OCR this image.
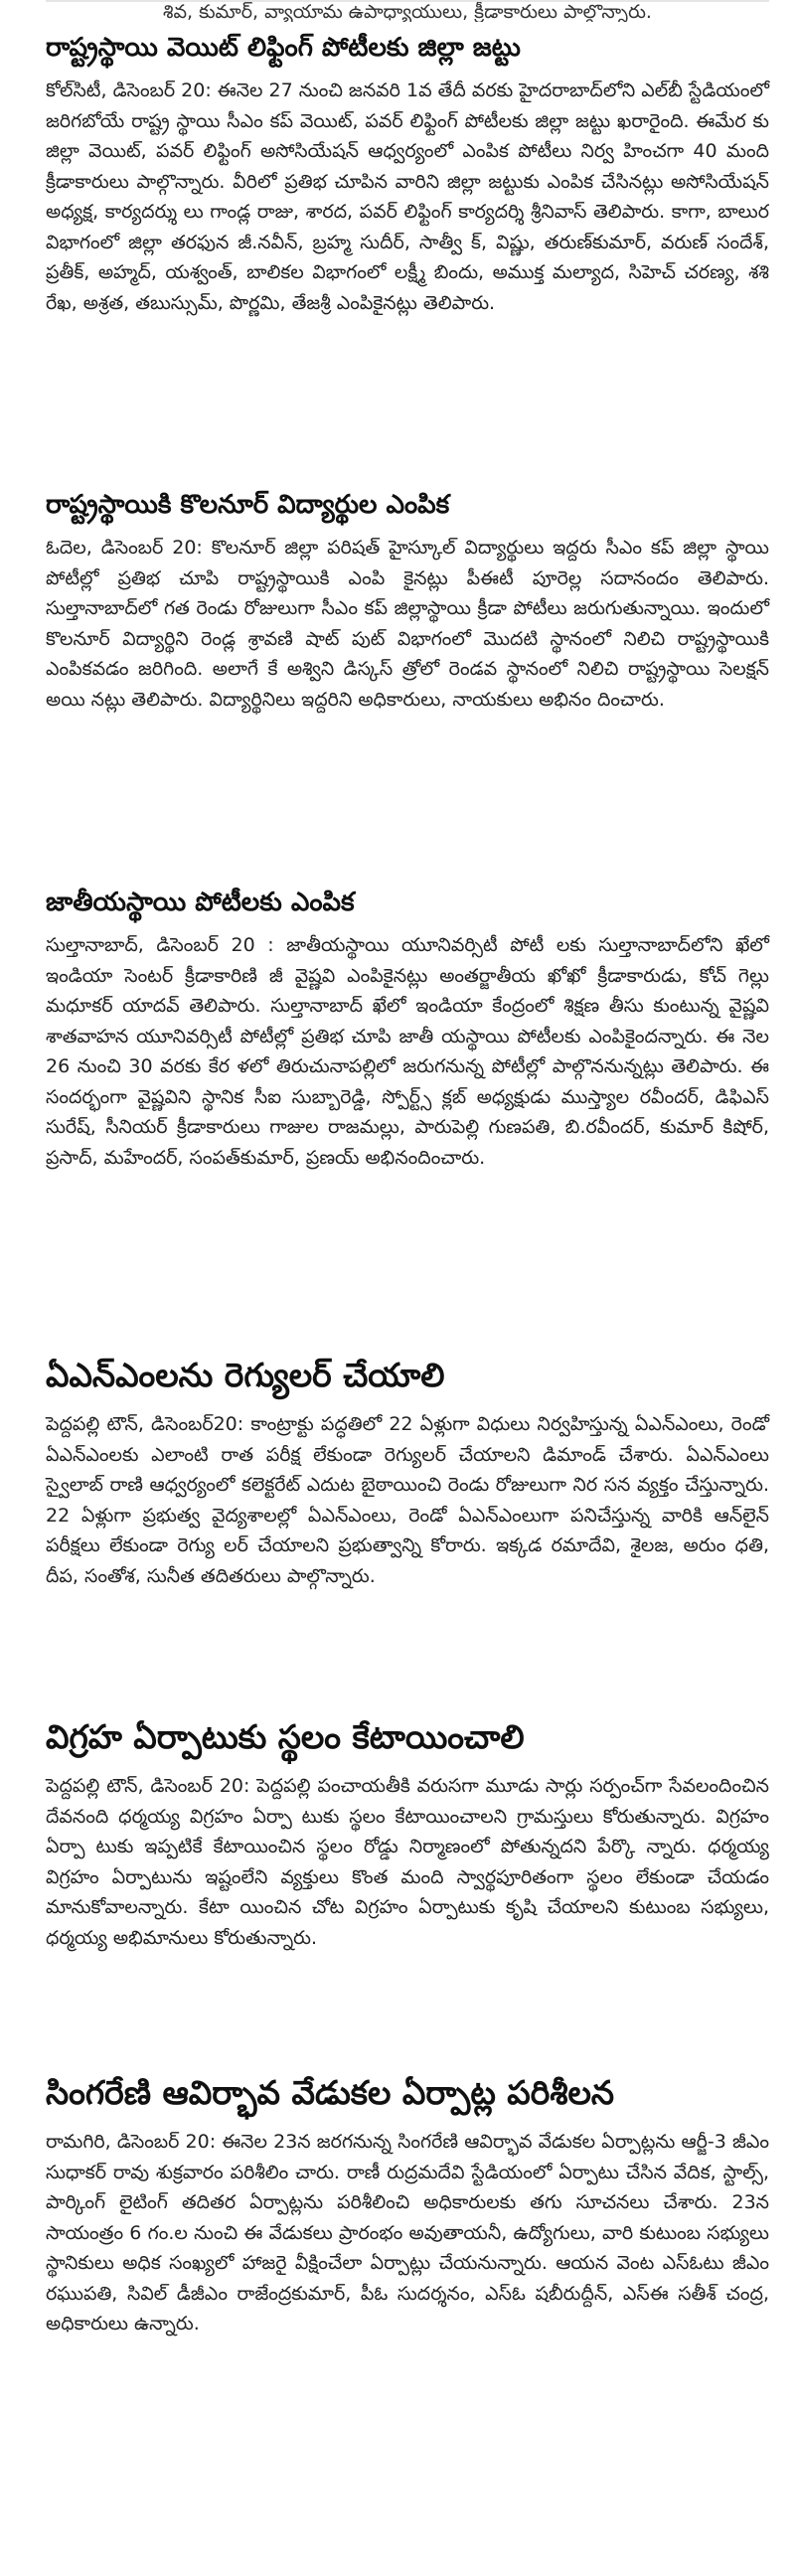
శివ, కుమార్, వ్యాయామ ఉపాధ్యాయులు, క్రీడాకారులు పాల్గొన్నారు.
రాష్ట్రస్థాయి వెయిట్ లిఫ్టింగ్ పోటీలకు జిల్లా జట్టు

కోల్‌సిటీ, డిసెంబర్ 20: ఈనెల 27 నుంచి జనవరి 1వ తేదీ వరకు హైదరాబాద్‌లోని ఎల్‌బీ స్టేడియంలో జరిగబోయే రాష్ట్ర స్థాయి సీఎం కప్ వెయిట్, పవర్ లిఫ్టింగ్ పోటీలకు జిల్లా జట్టు ఖరారైంది. ఈమేర కు జిల్లా వెయిట్, పవర్ లిఫ్టింగ్ అసోసియేషన్ ఆధ్వర్యంలో ఎంపిక పోటీలు నిర్వ హించగా 40 మంది క్రీడాకారులు పాల్గొన్నారు. వీరిలో ప్రతిభ చూపిన వారిని జిల్లా జట్టుకు ఎంపిక చేసినట్లు అసోసియేషన్ అధ్యక్ష, కార్యదర్శు లు గాండ్ల రాజు, శారద, పవర్ లిఫ్టింగ్ కార్యదర్శి శ్రీనివాస్ తెలిపారు. కాగా, బాలుర విభాగంలో జిల్లా తరఫున జీ.నవీన్, బ్రహ్మ సుదీర్, సాత్వీ క్, విష్ణు, తరుణ్‌కుమార్, వరుణ్ సందేశ్, ప్రతీక్, అహ్మద్, యశ్వంత్, బాలికల విభాగంలో లక్ష్మీ బిందు, అముక్త మల్యాద, సిహెచ్ చరణ్య, శశి రేఖ, అశ్రత, తబుస్సుమ్, పొర్ణమి, తేజశ్రీ ఎంపికైనట్లు తెలిపారు.

రాష్ట్రస్థాయికి కొలనూర్ విద్యార్థుల ఎంపిక

ఓదెల, డిసెంబర్ 20: కొలనూర్ జిల్లా పరిషత్ హైస్కూల్ విద్యార్థులు ఇద్దరు సీఎం కప్ జిల్లా స్థాయి పోటీల్లో ప్రతిభ చూపి రాష్ట్రస్థాయికి ఎంపి కైనట్లు పీఈటీ పూరెల్ల సదానందం తెలిపారు. సుల్తానాబాద్‌లో గత రెండు రోజులుగా సీఎం కప్ జిల్లాస్థాయి క్రీడా పోటీలు జరుగుతున్నాయి. ఇందులో కొలనూర్ విద్యార్థిని రెండ్ల శ్రావణి షాట్ పుట్ విభాగంలో మొదటి స్థానంలో నిలిచి రాష్ట్రస్థాయికి ఎంపికవడం జరిగింది. అలాగే కే అశ్విని డిస్కస్ త్రోలో రెండవ స్థానంలో నిలిచి రాష్ట్రస్థాయి సెలక్షన్ అయి నట్లు తెలిపారు. విద్యార్థినిలు ఇద్దరిని అధికారులు, నాయకులు అభినం దించారు.

జాతీయస్థాయి పోటీలకు ఎంపిక

సుల్తానాబాద్, డిసెంబర్ 20 : జాతీయస్థాయి యూనివర్సిటీ పోటీ లకు సుల్తానాబాద్‌లోని ఖేలో ఇండియా సెంటర్ క్రీడాకారిణి జీ వైష్ణవి ఎంపికైనట్లు అంతర్జాతీయ ఖోఖో క్రీడాకారుడు, కోచ్ గెల్లు మధూకర్ యాదవ్ తెలిపారు. సుల్తానాబాద్ ఖేలో ఇండియా కేంద్రంలో శిక్షణ తీసు కుంటున్న వైష్ణవి శాతవాహన యూనివర్సిటీ పోటీల్లో ప్రతిభ చూపి జాతీ యస్థాయి పోటీలకు ఎంపికైందన్నారు. ఈ నెల 26 నుంచి 30 వరకు కేర ళలో తిరుచునాపల్లిలో జరుగనున్న పోటీల్లో పాల్గొననున్నట్లు తెలిపారు. ఈ సందర్భంగా వైష్ణవిని స్థానిక సీఐ సుబ్బారెడ్డి, స్పోర్ట్స్ క్లబ్ అధ్యక్షుడు ముస్త్యాల రవీందర్, డిఫిఎస్ సురేష్, సీనియర్ క్రీడాకారులు గాజుల రాజమల్లు, పారుపెల్లి గుణపతి, బి.రవీందర్, కుమార్ కిషోర్, ప్రసాద్, మహేందర్, సంపత్‌కుమార్, ప్రణయ్ అభినందించారు.

ఏఎన్‌ఎంలను రెగ్యులర్ చేయాలి

పెద్దపల్లి టౌన్, డిసెంబర్20: కాంట్రాక్టు పద్ధతిలో 22 ఏళ్లుగా విధులు నిర్వహిస్తున్న ఏఎన్ఎంలు, రెండో ఏఎన్ఎంలకు ఎలాంటి రాత పరీక్ష లేకుండా రెగ్యులర్ చేయాలని డిమాండ్ చేశారు. ఏఎన్ఎంలు స్వైలాబ్ రాణి ఆధ్వర్యంలో కలెక్టరేట్ ఎదుట బైఠాయించి రెండు రోజులుగా నిర సన వ్యక్తం చేస్తున్నారు. 22 ఏళ్లుగా ప్రభుత్వ వైద్యశాలల్లో ఏఎన్ఎంలు, రెండో ఏఎన్ఎంలుగా పనిచేస్తున్న వారికి ఆన్‌లైన్ పరీక్షలు లేకుండా రెగ్యు లర్ చేయాలని ప్రభుత్వాన్ని కోరారు. ఇక్కడ రమాదేవి, శైలజ, అరుం ధతి, దీప, సంతోశ, సునీత తదితరులు పాల్గొన్నారు.

విగ్రహ ఏర్పాటుకు స్థలం కేటాయించాలి

పెద్దపల్లి టౌన్, డిసెంబర్ 20: పెద్దపల్లి పంచాయతీకి వరుసగా మూడు సార్లు సర్పంచ్‌గా సేవలందించిన దేవనంది ధర్మయ్య విగ్రహం ఏర్పా టుకు స్థలం కేటాయించాలని గ్రామస్తులు కోరుతున్నారు. విగ్రహం ఏర్పా టుకు ఇప్పటికే కేటాయించిన స్థలం రోడ్డు నిర్మాణంలో పోతున్నదని పేర్కొ న్నారు. ధర్మయ్య విగ్రహం ఏర్పాటును ఇష్టంలేని వ్యక్తులు కొంత మంది స్వార్థపూరితంగా స్థలం లేకుండా చేయడం మానుకోవాలన్నారు. కేటా యించిన చోట విగ్రహం ఏర్పాటుకు కృషి చేయాలని కుటుంబ సభ్యులు, ధర్మయ్య అభిమానులు కోరుతున్నారు.

సింగరేణి ఆవిర్భావ వేడుకల ఏర్పాట్ల పరిశీలన

రామగిరి, డిసెంబర్ 20: ఈనెల 23న జరగనున్న సింగరేణి ఆవిర్భావ వేడుకల ఏర్పాట్లను ఆర్జీ-3 జీఎం సుధాకర్ రావు శుక్రవారం పరిశీలిం చారు. రాణీ రుద్రమదేవి స్టేడియంలో ఏర్పాటు చేసిన వేదిక, స్టాల్స్, పార్కింగ్ లైటింగ్ తదితర ఏర్పాట్లను పరిశీలించి అధికారులకు తగు సూచనలు చేశారు. 23న సాయంత్రం 6 గం.ల నుంచి ఈ వేడుకలు ప్రారంభం అవుతాయనీ, ఉద్యోగులు, వారి కుటుంబ సభ్యులు స్థానికులు అధిక సంఖ్యలో హాజరై వీక్షించేలా ఏర్పాట్లు చేయనున్నారు. ఆయన వెంట ఎస్ఓటు జీఎం రఘుపతి, సివిల్ డీజీఎం రాజేంద్రకుమార్, పీఓ సుదర్శనం, ఎస్ఓ షబీరుద్దీన్, ఎస్ఈ సతీశ్ చంద్ర, అధికారులు ఉన్నారు.
